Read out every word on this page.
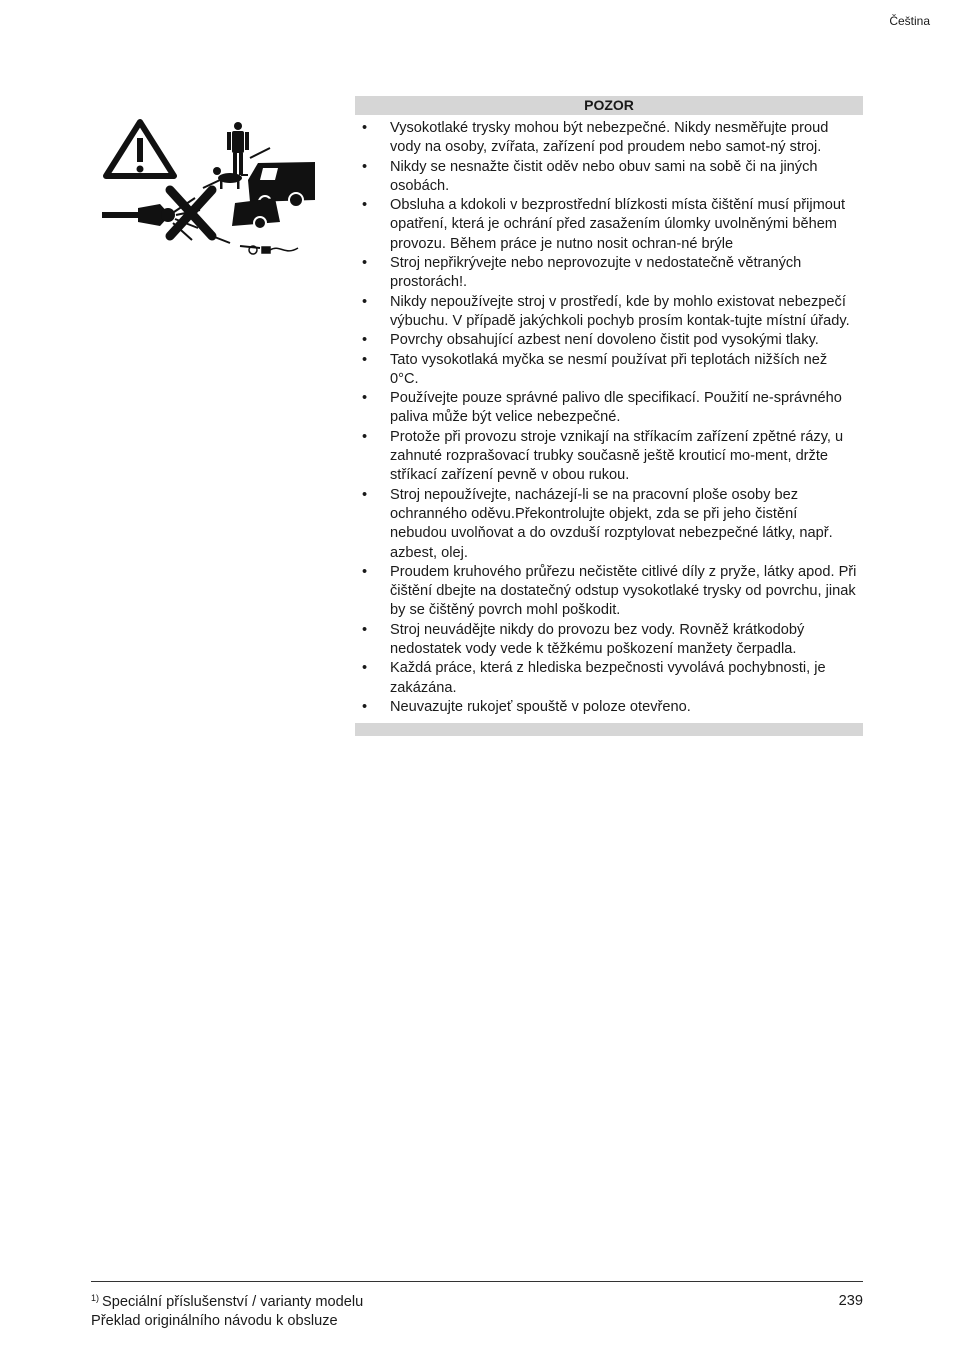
Čeština
POZOR
• Vysokotlaké trysky mohou být nebezpečné. Nikdy nesměřujte proud vody na osoby, zvířata, zařízení pod proudem nebo samot-ný stroj.
• Nikdy se nesnažte čistit oděv nebo obuv sami na sobě či na jiných osobách.
• Obsluha a kdokoli v bezprostřední blízkosti místa čištění musí přijmout opatření, která je ochrání před zasažením úlomky uvolněnými během provozu. Během práce je nutno nosit ochran-né brýle
• Stroj nepřikrývejte nebo neprovozujte v nedostatečně větraných prostorách!.
• Nikdy nepoužívejte stroj v prostředí, kde by mohlo existovat nebezpečí výbuchu. V případě jakýchkoli pochyb prosím kontak-tujte místní úřady.
• Povrchy obsahující azbest není dovoleno čistit pod vysokými tlaky.
• Tato vysokotlaká myčka se nesmí používat při teplotách nižších než 0°C.
• Používejte pouze správné palivo dle specifikací. Použití ne-správného paliva může být velice nebezpečné.
• Protože při provozu stroje vznikají na stříkacím zařízení zpětné rázy, u zahnuté rozprašovací trubky současně ještě krouticí mo-ment, držte stříkací zařízení pevně v obou rukou.
• Stroj nepoužívejte, nacházejí-li se na pracovní ploše osoby bez ochranného oděvu.Překontrolujte objekt, zda se při jeho čistění nebudou uvolňovat a do ovzduší rozptylovat nebezpečné látky, např. azbest, olej.
• Proudem kruhového průřezu nečistěte citlivé díly z pryže, látky apod. Při čištění dbejte na dostatečný odstup vysokotlaké trysky od povrchu, jinak by se čištěný povrch mohl poškodit.
• Stroj neuvádějte nikdy do provozu bez vody. Rovněž krátkodobý nedostatek vody vede k těžkému poškození manžety čerpadla.
• Každá práce, která z hlediska bezpečnosti vyvolává pochybnosti, je zakázána.
• Neuvazujte rukojeť spouště v poloze otevřeno.
$^{1)}$ Speciální příslušenství / varianty modelu
Překlad originálního návodu k obsluze
239
